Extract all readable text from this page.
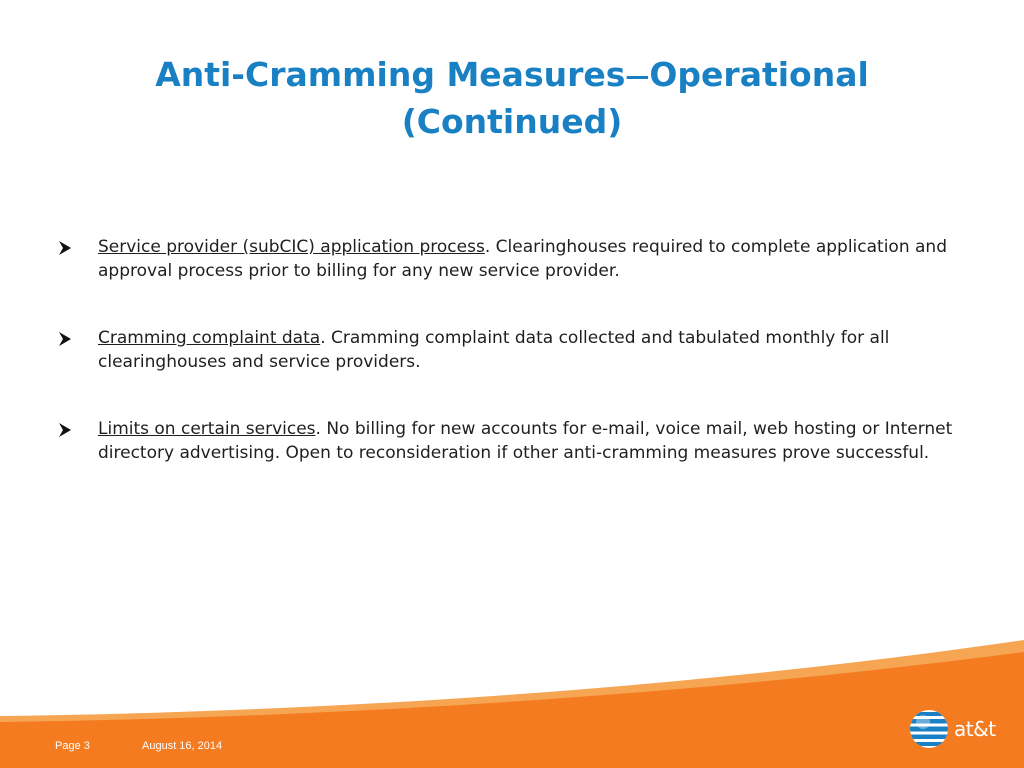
Anti-Cramming Measures—Operational
(Continued)
Service provider (subCIC) application process. Clearinghouses required to complete application and approval process prior to billing for any new service provider.
Cramming complaint data. Cramming complaint data collected and tabulated monthly for all clearinghouses and service providers.
Limits on certain services. No billing for new accounts for e-mail, voice mail, web hosting or Internet directory advertising. Open to reconsideration if other anti-cramming measures prove successful.
Page 3	August 16, 2014
at&t
